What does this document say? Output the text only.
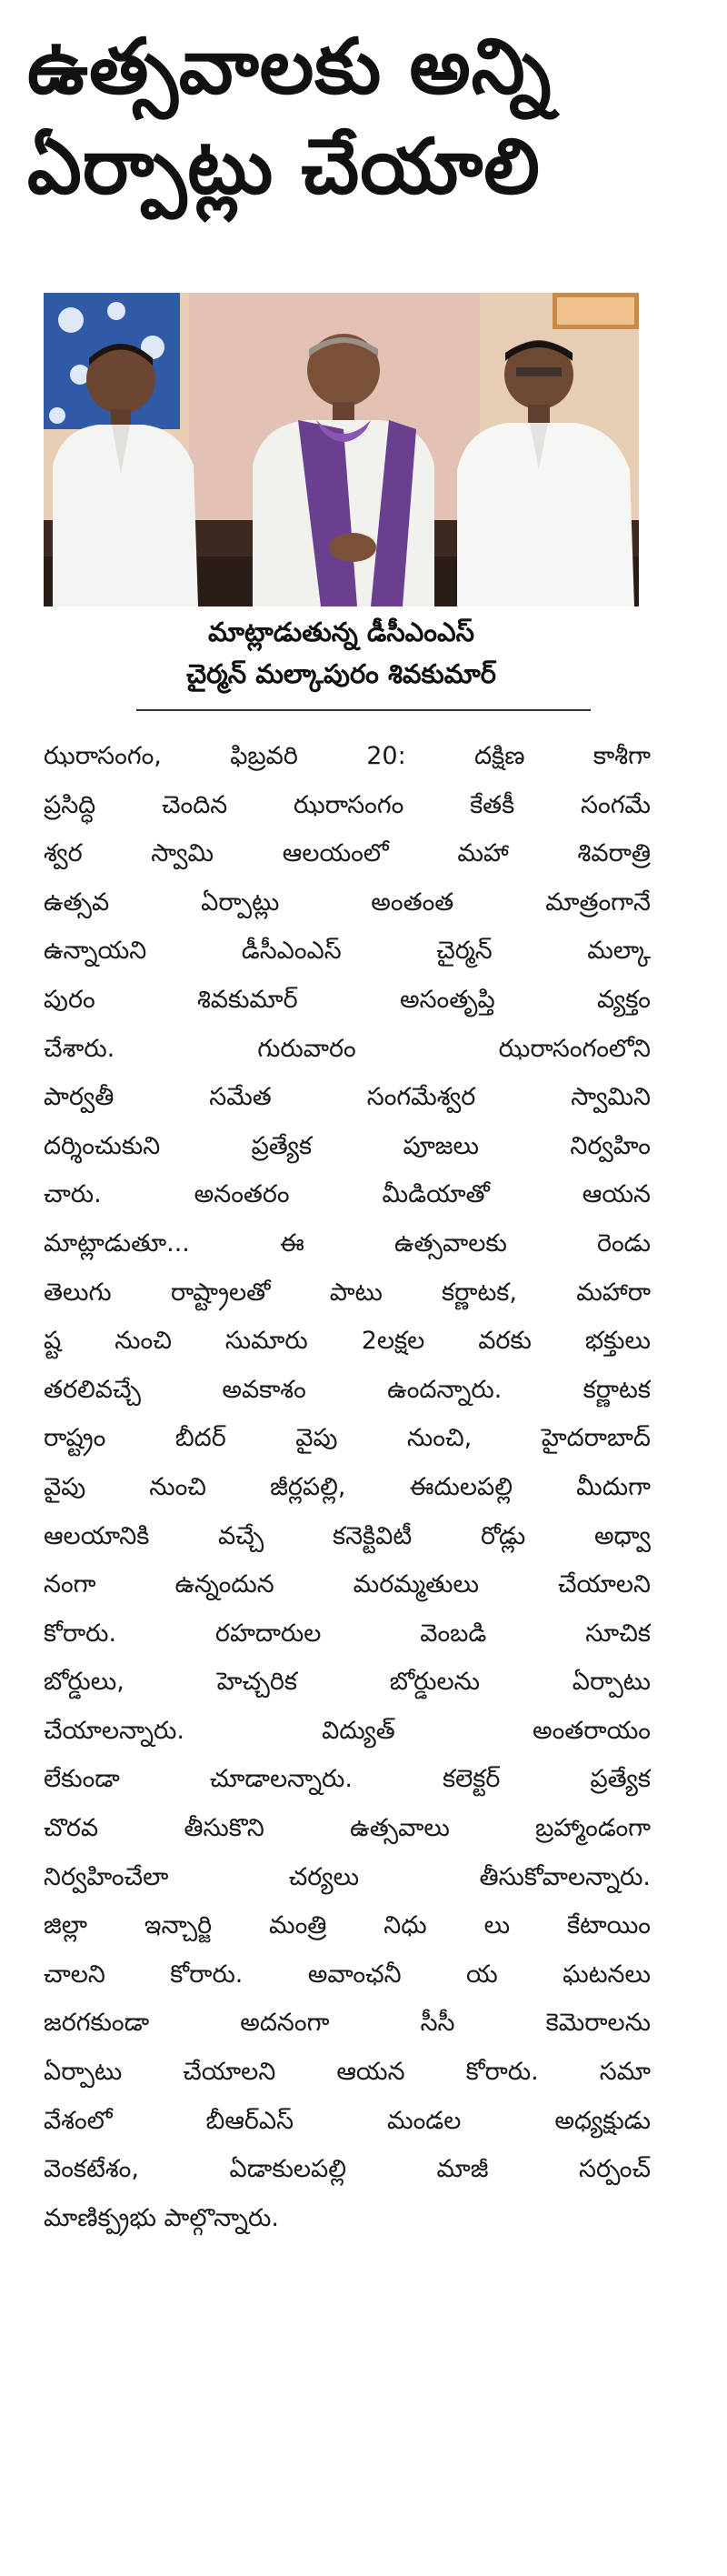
ఉత్సవాలకు అన్ని
ఏర్పాట్లు చేయాలి
మాట్లాడుతున్న డీసీఎంఎస్
చైర్మన్ మల్కాపురం శివకుమార్
ఝరాసంగం, ఫిబ్రవరి 20: దక్షిణ కాశీగా
ప్రసిద్ధి చెందిన ఝరాసంగం కేతకీ సంగమే
శ్వర స్వామి ఆలయంలో మహా శివరాత్రి
ఉత్సవ ఏర్పాట్లు అంతంత మాత్రంగానే
ఉన్నాయని డీసీఎంఎస్ చైర్మన్ మల్కా
పురం శివకుమార్ అసంతృప్తి వ్యక్తం
చేశారు. గురువారం ఝరాసంగంలోని
పార్వతీ సమేత సంగమేశ్వర స్వామిని
దర్శించుకుని ప్రత్యేక పూజలు నిర్వహిం
చారు. అనంతరం మీడియాతో ఆయన
మాట్లాడుతూ... ఈ ఉత్సవాలకు రెండు
తెలుగు రాష్ట్రాలతో పాటు కర్ణాటక, మహారా
ష్ట నుంచి సుమారు 2లక్షల వరకు భక్తులు
తరలివచ్చే అవకాశం ఉందన్నారు. కర్ణాటక
రాష్ట్రం బీదర్ వైపు నుంచి, హైదరాబాద్
వైపు నుంచి జీర్లపల్లి, ఈదులపల్లి మీదుగా
ఆలయానికి వచ్చే కనెక్టివిటీ రోడ్లు అధ్వా
నంగా ఉన్నందున మరమ్మతులు చేయాలని
కోరారు. రహదారుల వెంబడి సూచిక
బోర్డులు, హెచ్చరిక బోర్డులను ఏర్పాటు
చేయాలన్నారు. విద్యుత్ అంతరాయం
లేకుండా చూడాలన్నారు. కలెక్టర్ ప్రత్యేక
చొరవ తీసుకొని ఉత్సవాలు బ్రహ్మాండంగా
నిర్వహించేలా చర్యలు తీసుకోవాలన్నారు.
జిల్లా ఇన్చార్జి మంత్రి నిధు లు కేటాయిం
చాలని కోరారు. అవాంఛనీ య ఘటనలు
జరగకుండా అదనంగా సీసీ కెమెరాలను
ఏర్పాటు చేయాలని ఆయన కోరారు. సమా
వేశంలో బీఆర్ఎస్ మండల అధ్యక్షుడు
వెంకటేశం, ఏడాకులపల్లి మాజీ సర్పంచ్
మాణిక్ప్రభు పాల్గొన్నారు.
